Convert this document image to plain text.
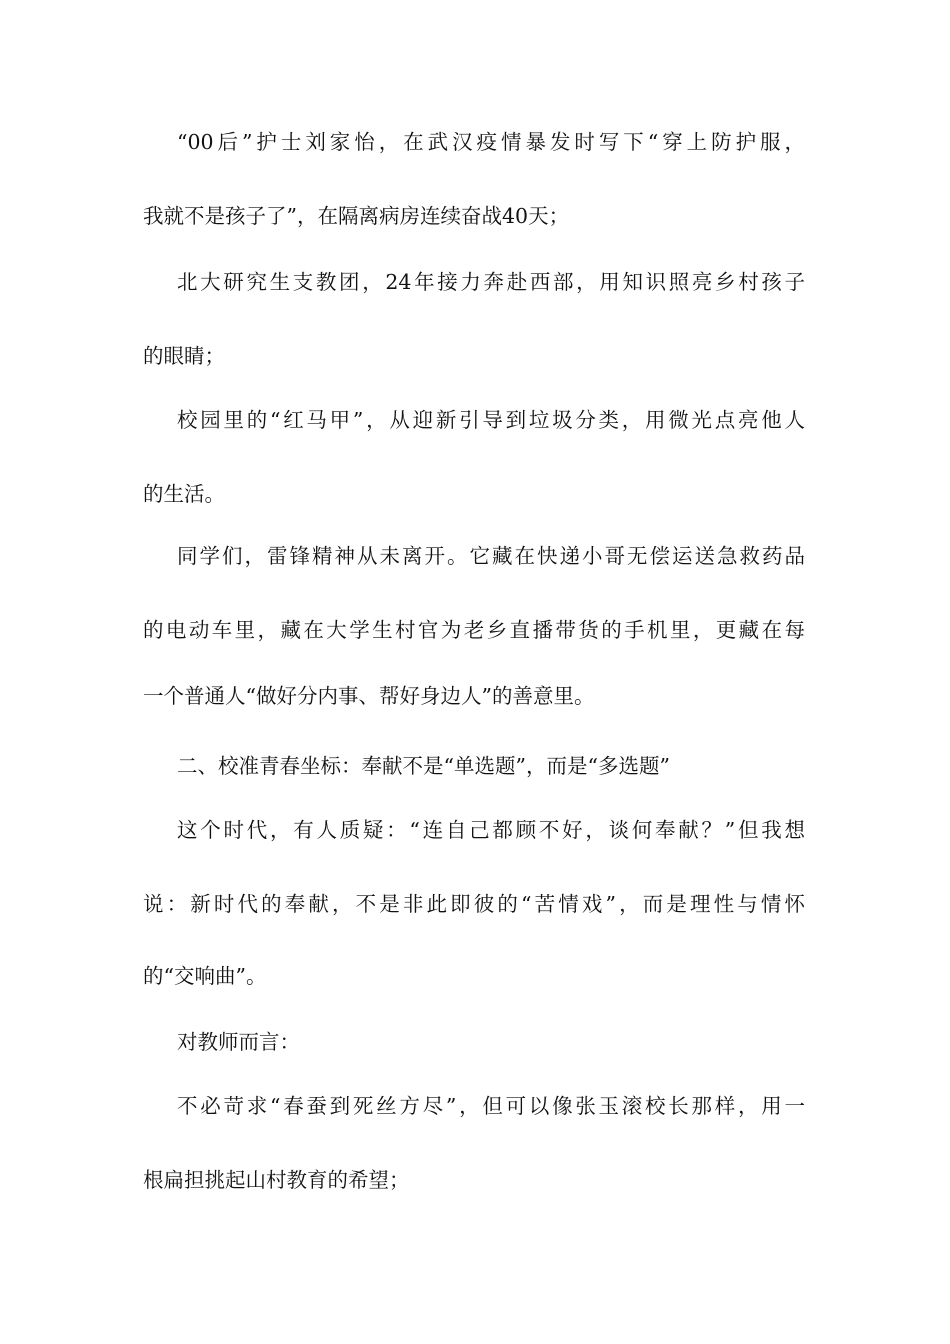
“00后”护士刘家怡，在武汉疫情暴发时写下“穿上防护服，
我就不是孩子了”，在隔离病房连续奋战40天；
北大研究生支教团，24年接力奔赴西部，用知识照亮乡村孩子
的眼睛；
校园里的“红马甲”，从迎新引导到垃圾分类，用微光点亮他人
的生活。
同学们，雷锋精神从未离开。它藏在快递小哥无偿运送急救药品
的电动车里，藏在大学生村官为老乡直播带货的手机里，更藏在每
一个普通人“做好分内事、帮好身边人”的善意里。
二、校准青春坐标：奉献不是“单选题”，而是“多选题”
这个时代，有人质疑：“连自己都顾不好，谈何奉献？”但我想
说：新时代的奉献，不是非此即彼的“苦情戏”，而是理性与情怀
的“交响曲”。
对教师而言：
不必苛求“春蚕到死丝方尽”，但可以像张玉滚校长那样，用一
根扁担挑起山村教育的希望；
